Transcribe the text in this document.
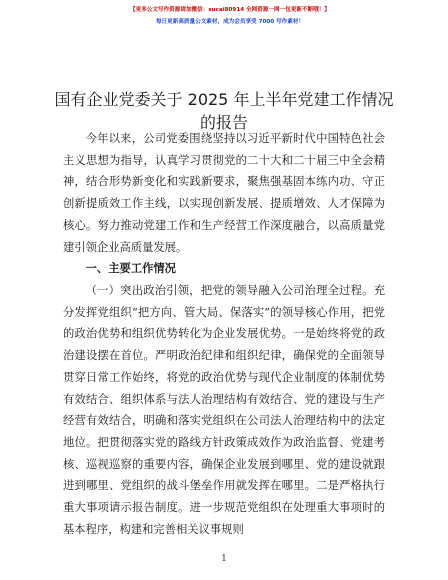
【更多公文写作资源请加微信：sucai80914 全网资源一网一包更新不断哦！】
每日更新高质量公文素材，成为会员享受 7000 写作素材！
国有企业党委关于 2025 年上半年党建工作情况的报告
今年以来，公司党委围绕坚持以习近平新时代中国特色社会主义思想为指导，认真学习贯彻党的二十大和二十届三中全会精神，结合形势新变化和实践新要求，聚焦强基固本练内功、守正创新提质效工作主线，以实现创新发展、提质增效、人才保障为核心。努力推动党建工作和生产经营工作深度融合，以高质量党建引领企业高质量发展。
一、主要工作情况
（一）突出政治引领，把党的领导融入公司治理全过程。充分发挥党组织“把方向、管大局、保落实”的领导核心作用，把党的政治优势和组织优势转化为企业发展优势。一是始终将党的政治建设摆在首位。严明政治纪律和组织纪律，确保党的全面领导贯穿日常工作始终，将党的政治优势与现代企业制度的体制优势有效结合、组织体系与法人治理结构有效结合、党的建设与生产经营有效结合，明确和落实党组织在公司法人治理结构中的法定地位。把贯彻落实党的路线方针政策成效作为政治监督、党建考核、巡视巡察的重要内容，确保企业发展到哪里、党的建设就跟进到哪里、党组织的战斗堡垒作用就发挥在哪里。二是严格执行重大事项请示报告制度。进一步规范党组织在处理重大事项时的基本程序，构建和完善相关议事规则
1
